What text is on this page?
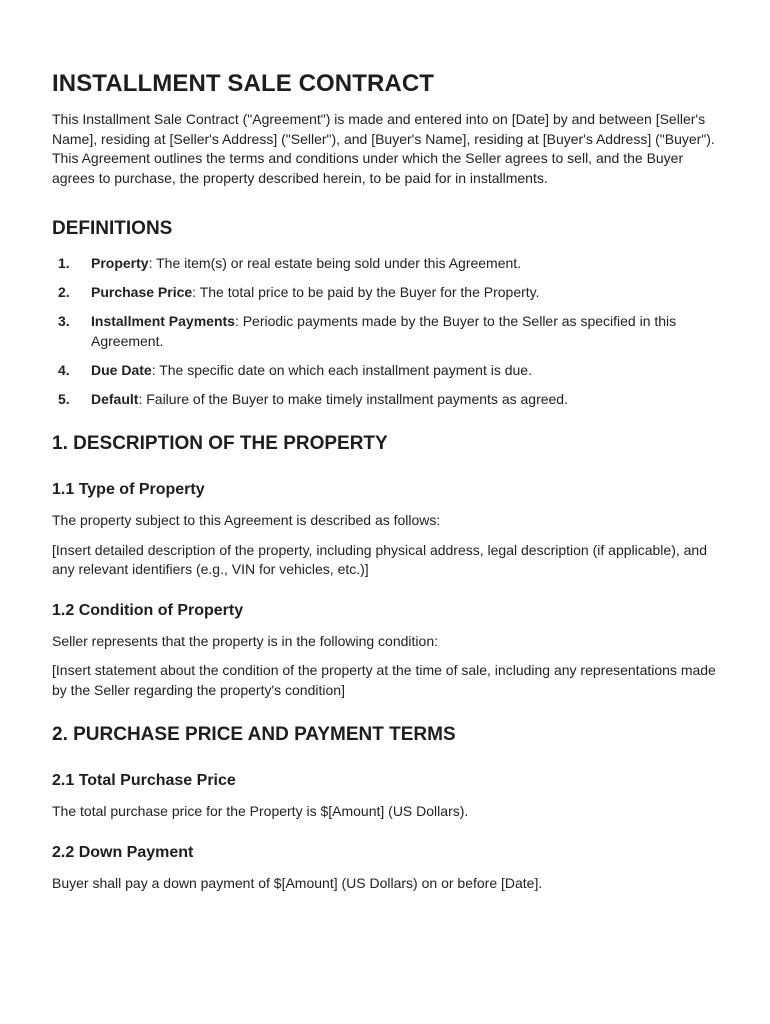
INSTALLMENT SALE CONTRACT

This Installment Sale Contract ("Agreement") is made and entered into on [Date] by and between [Seller's Name], residing at [Seller's Address] ("Seller"), and [Buyer's Name], residing at [Buyer's Address] ("Buyer"). This Agreement outlines the terms and conditions under which the Seller agrees to sell, and the Buyer agrees to purchase, the property described herein, to be paid for in installments.

DEFINITIONS
1.	Property: The item(s) or real estate being sold under this Agreement.
2.	Purchase Price: The total price to be paid by the Buyer for the Property.
3.	Installment Payments: Periodic payments made by the Buyer to the Seller as specified in this Agreement.
4.	Due Date: The specific date on which each installment payment is due.
5.	Default: Failure of the Buyer to make timely installment payments as agreed.
1. DESCRIPTION OF THE PROPERTY
1.1 Type of Property

The property subject to this Agreement is described as follows:

[Insert detailed description of the property, including physical address, legal description (if applicable), and any relevant identifiers (e.g., VIN for vehicles, etc.)]

1.2 Condition of Property

Seller represents that the property is in the following condition:

[Insert statement about the condition of the property at the time of sale, including any representations made by the Seller regarding the property's condition]

2. PURCHASE PRICE AND PAYMENT TERMS
2.1 Total Purchase Price

The total purchase price for the Property is $[Amount] (US Dollars).

2.2 Down Payment

Buyer shall pay a down payment of $[Amount] (US Dollars) on or before [Date].
